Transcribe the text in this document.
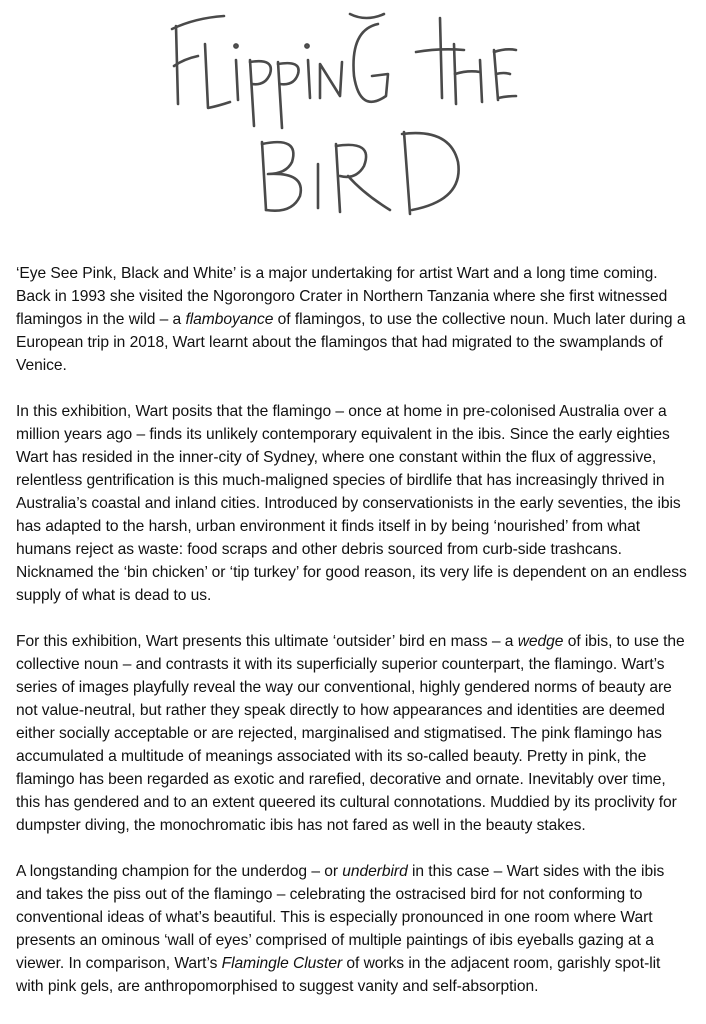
‘Eye See Pink, Black and White’ is a major undertaking for artist Wart and a long time coming. Back in 1993 she visited the Ngorongoro Crater in Northern Tanzania where she first witnessed flamingos in the wild – a flamboyance of flamingos, to use the collective noun. Much later during a European trip in 2018, Wart learnt about the flamingos that had migrated to the swamplands of Venice.

In this exhibition, Wart posits that the flamingo – once at home in pre-colonised Australia over a million years ago – finds its unlikely contemporary equivalent in the ibis. Since the early eighties Wart has resided in the inner-city of Sydney, where one constant within the flux of aggressive, relentless gentrification is this much-maligned species of birdlife that has increasingly thrived in Australia’s coastal and inland cities. Introduced by conservationists in the early seventies, the ibis has adapted to the harsh, urban environment it finds itself in by being ‘nourished’ from what humans reject as waste: food scraps and other debris sourced from curb-side trashcans. Nicknamed the ‘bin chicken’ or ‘tip turkey’ for good reason, its very life is dependent on an endless supply of what is dead to us.

For this exhibition, Wart presents this ultimate ‘outsider’ bird en mass – a wedge of ibis, to use the collective noun – and contrasts it with its superficially superior counterpart, the flamingo. Wart’s series of images playfully reveal the way our conventional, highly gendered norms of beauty are not value-neutral, but rather they speak directly to how appearances and identities are deemed either socially acceptable or are rejected, marginalised and stigmatised. The pink flamingo has accumulated a multitude of meanings associated with its so-called beauty. Pretty in pink, the flamingo has been regarded as exotic and rarefied, decorative and ornate. Inevitably over time, this has gendered and to an extent queered its cultural connotations. Muddied by its proclivity for dumpster diving, the monochromatic ibis has not fared as well in the beauty stakes.

A longstanding champion for the underdog – or underbird in this case – Wart sides with the ibis and takes the piss out of the flamingo – celebrating the ostracised bird for not conforming to conventional ideas of what’s beautiful. This is especially pronounced in one room where Wart presents an ominous ‘wall of eyes’ comprised of multiple paintings of ibis eyeballs gazing at a viewer. In comparison, Wart’s Flamingle Cluster of works in the adjacent room, garishly spot-lit with pink gels, are anthropomorphised to suggest vanity and self-absorption.
